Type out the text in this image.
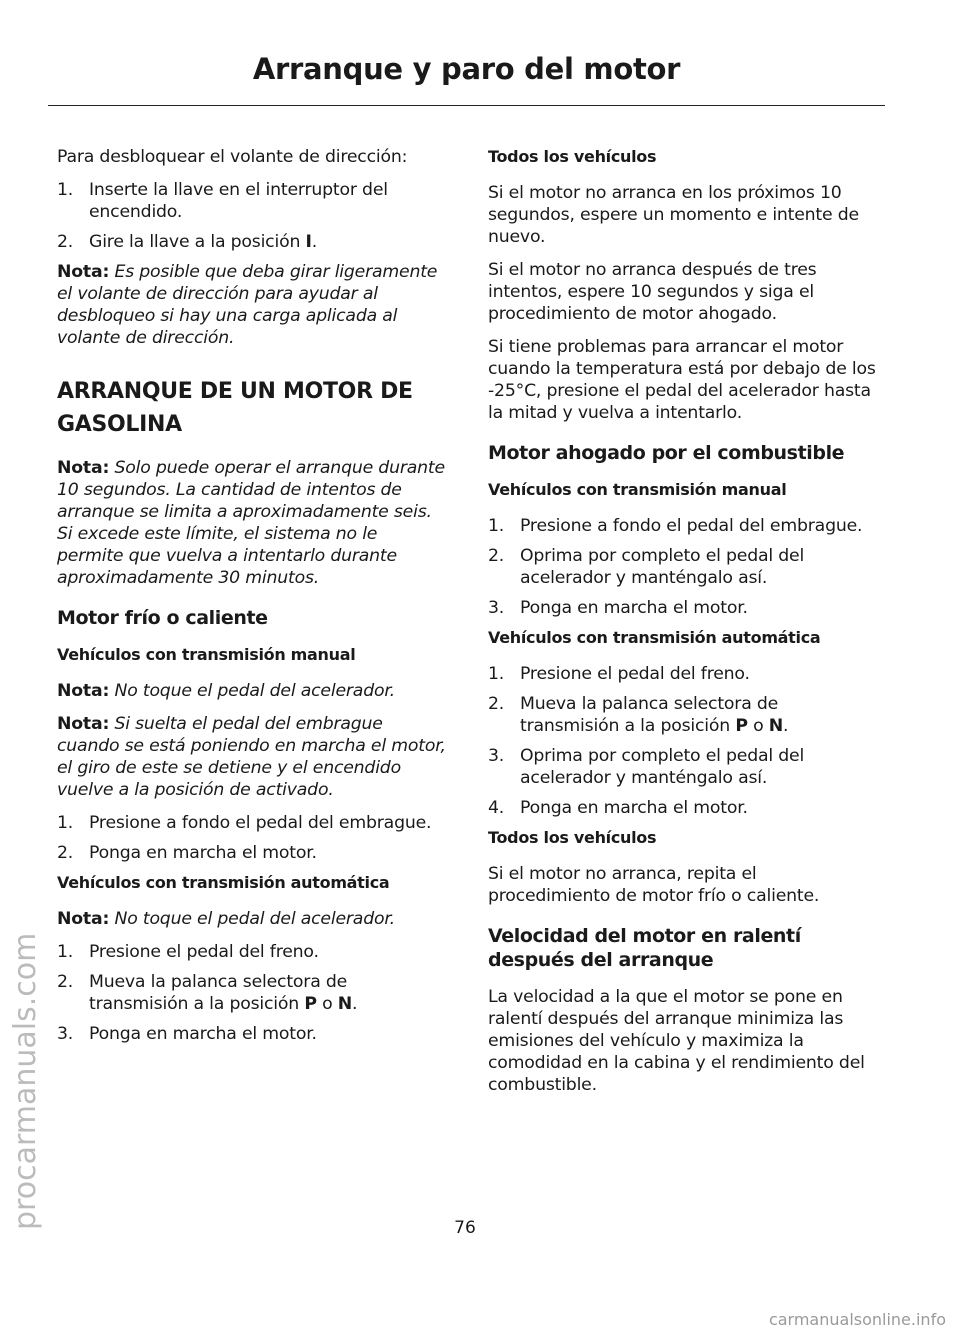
Arranque y paro del motor

Para desbloquear el volante de dirección:

1. Inserte la llave en el interruptor del encendido.
2. Gire la llave a la posición I.

Nota: Es posible que deba girar ligeramente el volante de dirección para ayudar al desbloqueo si hay una carga aplicada al volante de dirección.

ARRANQUE DE UN MOTOR DE
GASOLINA

Nota: Solo puede operar el arranque durante 10 segundos. La cantidad de intentos de arranque se limita a aproximadamente seis. Si excede este límite, el sistema no le permite que vuelva a intentarlo durante aproximadamente 30 minutos.

Motor frío o caliente
Vehículos con transmisión manual

Nota: No toque el pedal del acelerador.

Nota: Si suelta el pedal del embrague cuando se está poniendo en marcha el motor, el giro de este se detiene y el encendido vuelve a la posición de activado.

1. Presione a fondo el pedal del embrague.
2. Ponga en marcha el motor.
Vehículos con transmisión automática

Nota: No toque el pedal del acelerador.

1. Presione el pedal del freno.
2. Mueva la palanca selectora de transmisión a la posición P o N.
3. Ponga en marcha el motor.
Todos los vehículos

Si el motor no arranca en los próximos 10 segundos, espere un momento e intente de nuevo.

Si el motor no arranca después de tres intentos, espere 10 segundos y siga el procedimiento de motor ahogado.

Si tiene problemas para arrancar el motor cuando la temperatura está por debajo de los -25°C, presione el pedal del acelerador hasta la mitad y vuelva a intentarlo.

Motor ahogado por el combustible
Vehículos con transmisión manual
1. Presione a fondo el pedal del embrague.
2. Oprima por completo el pedal del acelerador y manténgalo así.
3. Ponga en marcha el motor.
Vehículos con transmisión automática
1. Presione el pedal del freno.
2. Mueva la palanca selectora de transmisión a la posición P o N.
3. Oprima por completo el pedal del acelerador y manténgalo así.
4. Ponga en marcha el motor.
Todos los vehículos

Si el motor no arranca, repita el procedimiento de motor frío o caliente.

Velocidad del motor en ralentí después del arranque

La velocidad a la que el motor se pone en ralentí después del arranque minimiza las emisiones del vehículo y maximiza la comodidad en la cabina y el rendimiento del combustible.

76
procarmanuals.com
carmanualsonline.info
